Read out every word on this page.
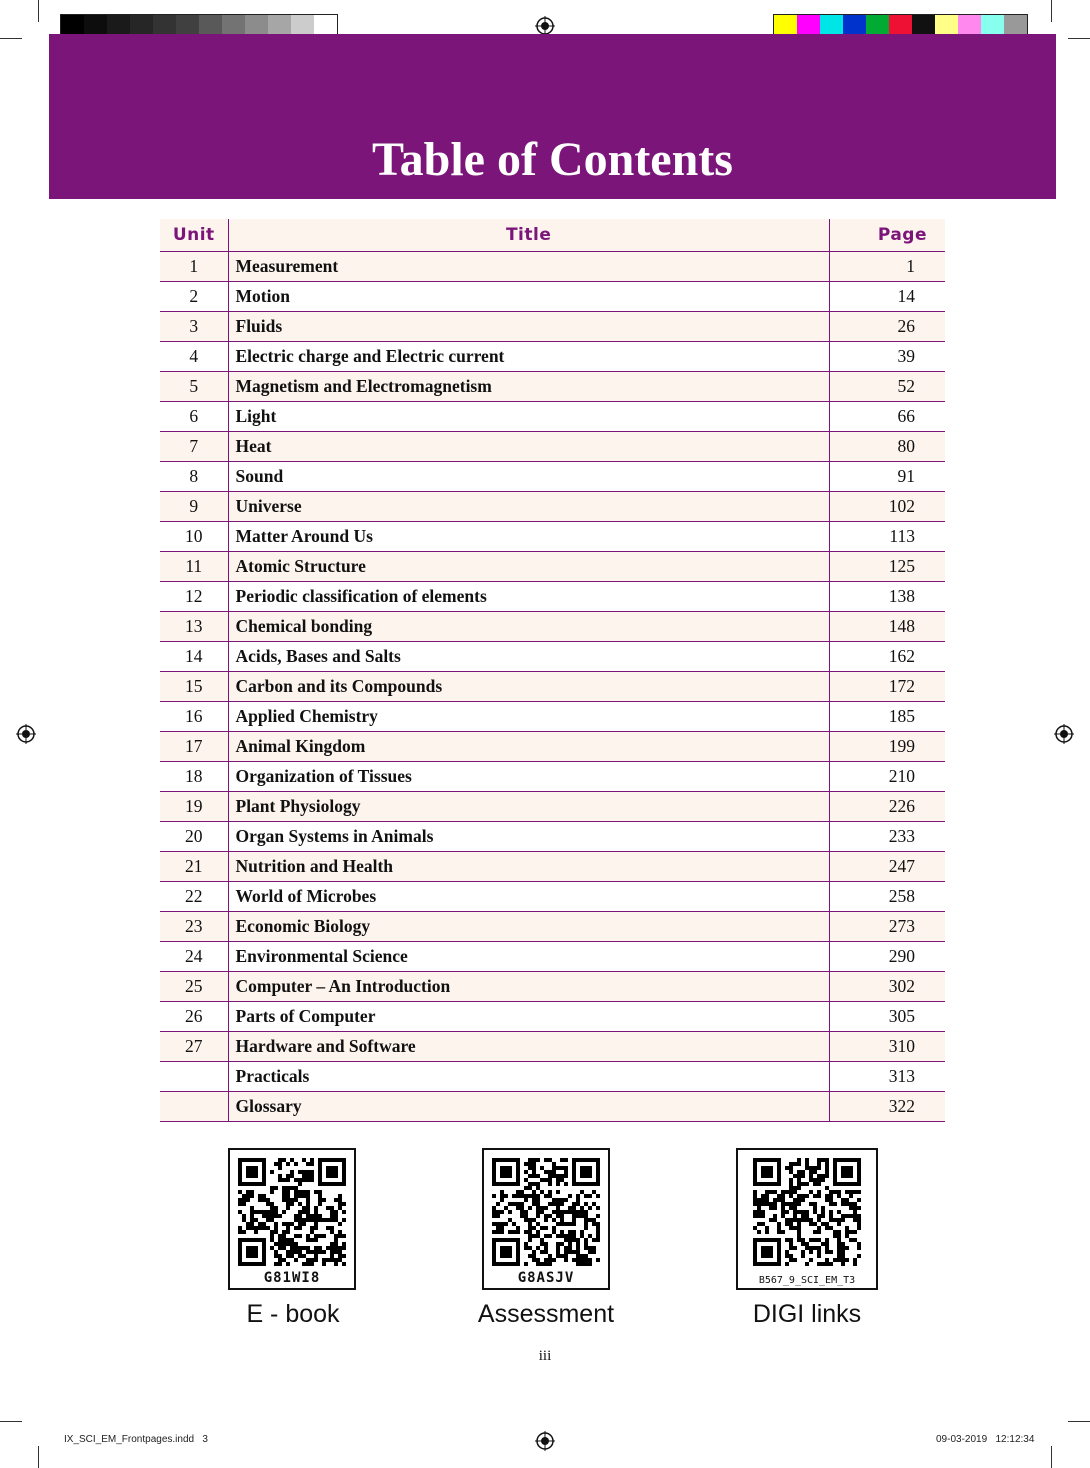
Table of Contents
Unit	Title	Page
1	Measurement	1
2	Motion	14
3	Fluids	26
4	Electric charge and Electric current	39
5	Magnetism and Electromagnetism	52
6	Light	66
7	Heat	80
8	Sound	91
9	Universe	102
10	Matter Around Us	113
11	Atomic Structure	125
12	Periodic classification of elements	138
13	Chemical bonding	148
14	Acids, Bases and Salts	162
15	Carbon and its Compounds	172
16	Applied Chemistry	185
17	Animal Kingdom	199
18	Organization of Tissues	210
19	Plant Physiology	226
20	Organ Systems in Animals	233
21	Nutrition and Health	247
22	World of Microbes	258
23	Economic Biology	273
24	Environmental Science	290
25	Computer – An Introduction	302
26	Parts of Computer	305
27	Hardware and Software	310
	Practicals	313
	Glossary	322
G81WI8
E - book
G8ASJV
Assessment
B567_9_SCI_EM_T3
DIGI links
iii
IX_SCI_EM_Frontpages.indd   3	09-03-2019   12:12:34
